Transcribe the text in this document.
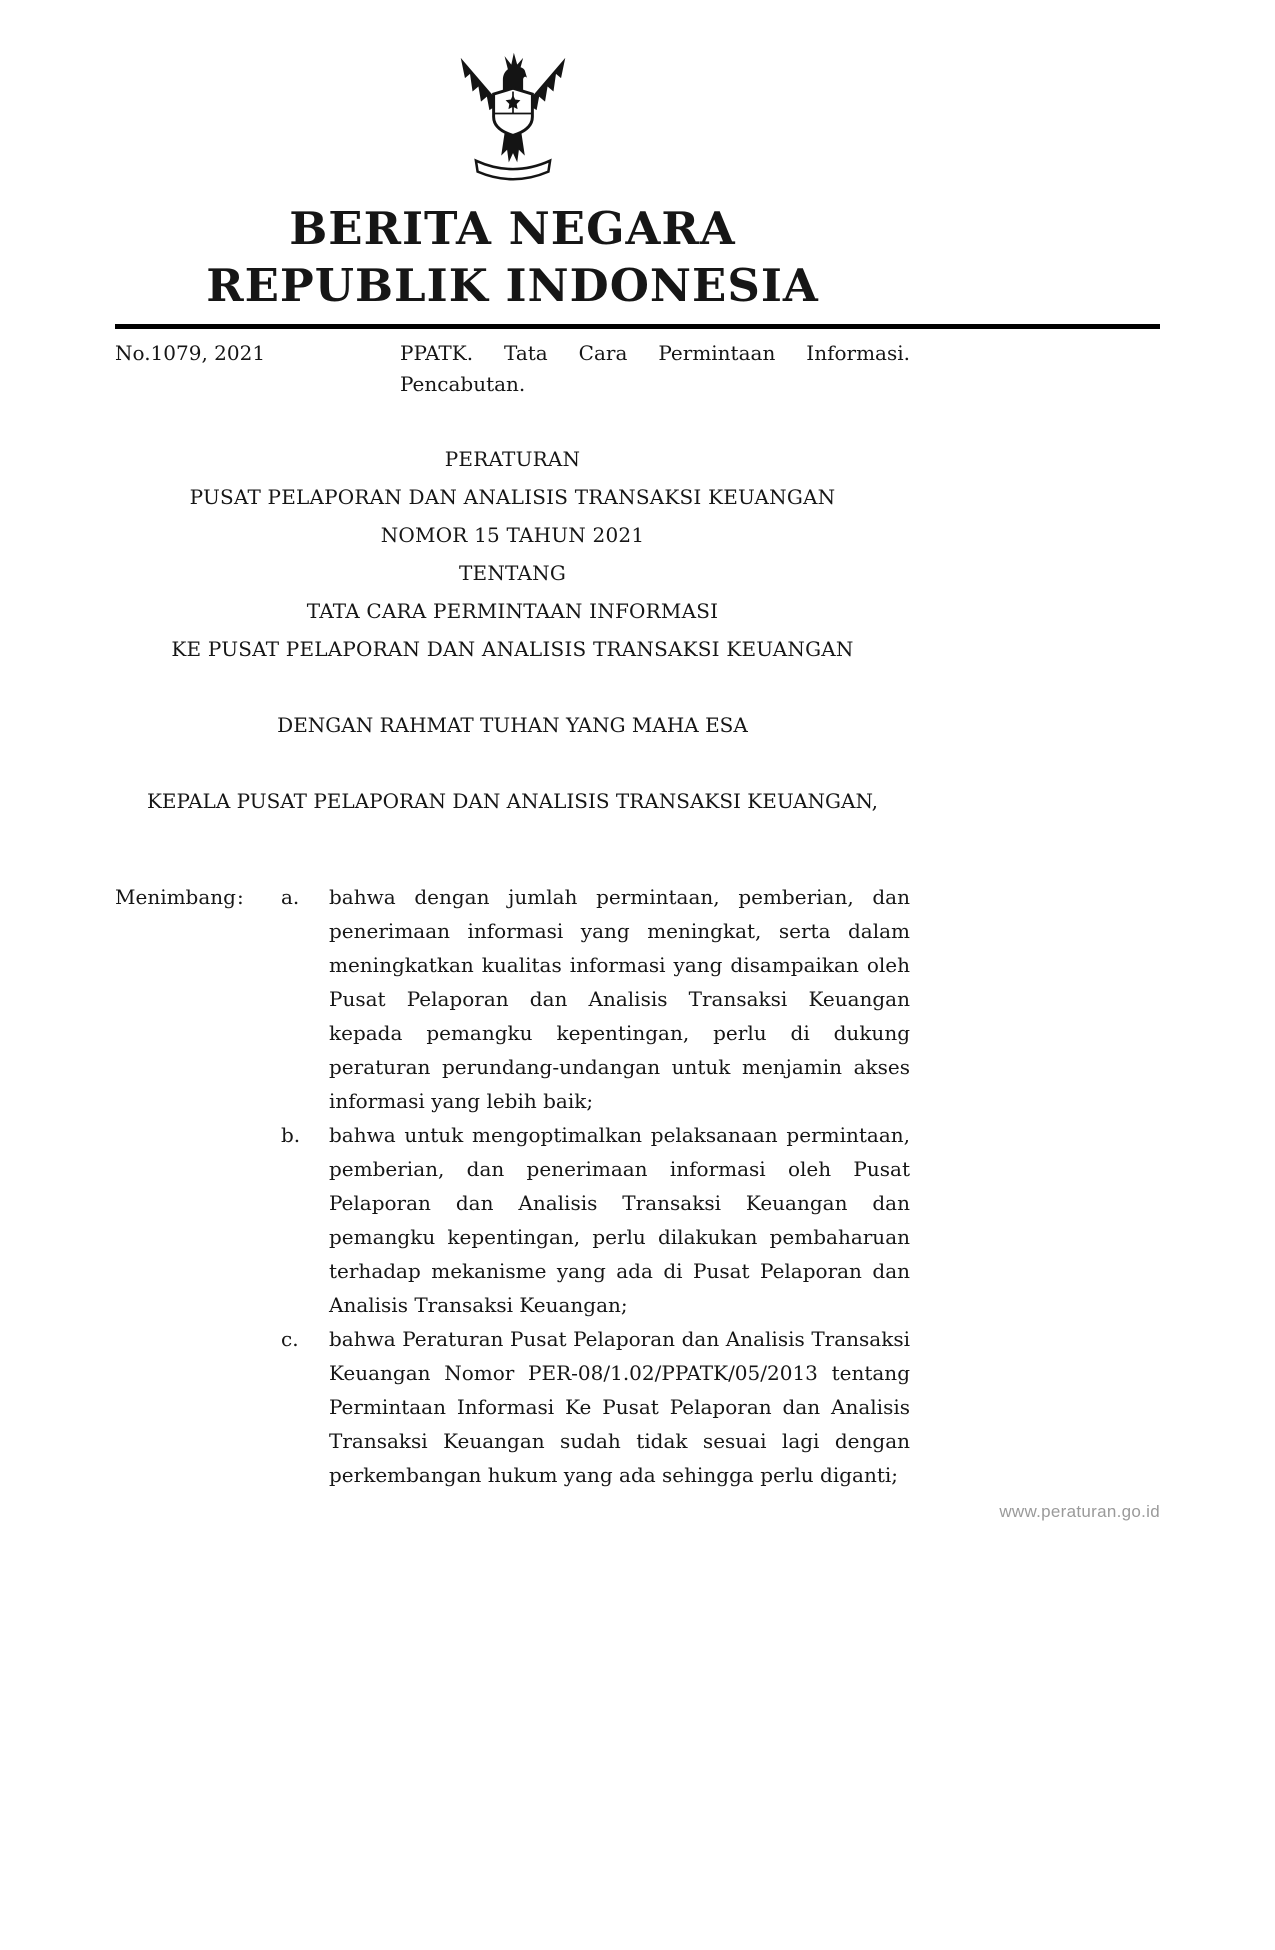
BERITA NEGARA
REPUBLIK INDONESIA
No.1079, 2021	PPATK. Tata Cara Permintaan Informasi. Pencabutan.
PERATURAN
PUSAT PELAPORAN DAN ANALISIS TRANSAKSI KEUANGAN
NOMOR 15 TAHUN 2021
TENTANG
TATA CARA PERMINTAAN INFORMASI
KE PUSAT PELAPORAN DAN ANALISIS TRANSAKSI KEUANGAN
DENGAN RAHMAT TUHAN YANG MAHA ESA
KEPALA PUSAT PELAPORAN DAN ANALISIS TRANSAKSI KEUANGAN,
Menimbang :	a.	bahwa dengan jumlah permintaan, pemberian, dan penerimaan informasi yang meningkat, serta dalam meningkatkan kualitas informasi yang disampaikan oleh Pusat Pelaporan dan Analisis Transaksi Keuangan kepada pemangku kepentingan, perlu di dukung peraturan perundang-undangan untuk menjamin akses informasi yang lebih baik;
b.	bahwa untuk mengoptimalkan pelaksanaan permintaan, pemberian, dan penerimaan informasi oleh Pusat Pelaporan dan Analisis Transaksi Keuangan dan pemangku kepentingan, perlu dilakukan pembaharuan terhadap mekanisme yang ada di Pusat Pelaporan dan Analisis Transaksi Keuangan;
c.	bahwa Peraturan Pusat Pelaporan dan Analisis Transaksi Keuangan Nomor PER-08/1.02/PPATK/05/2013 tentang Permintaan Informasi Ke Pusat Pelaporan dan Analisis Transaksi Keuangan sudah tidak sesuai lagi dengan perkembangan hukum yang ada sehingga perlu diganti;
www.peraturan.go.id
